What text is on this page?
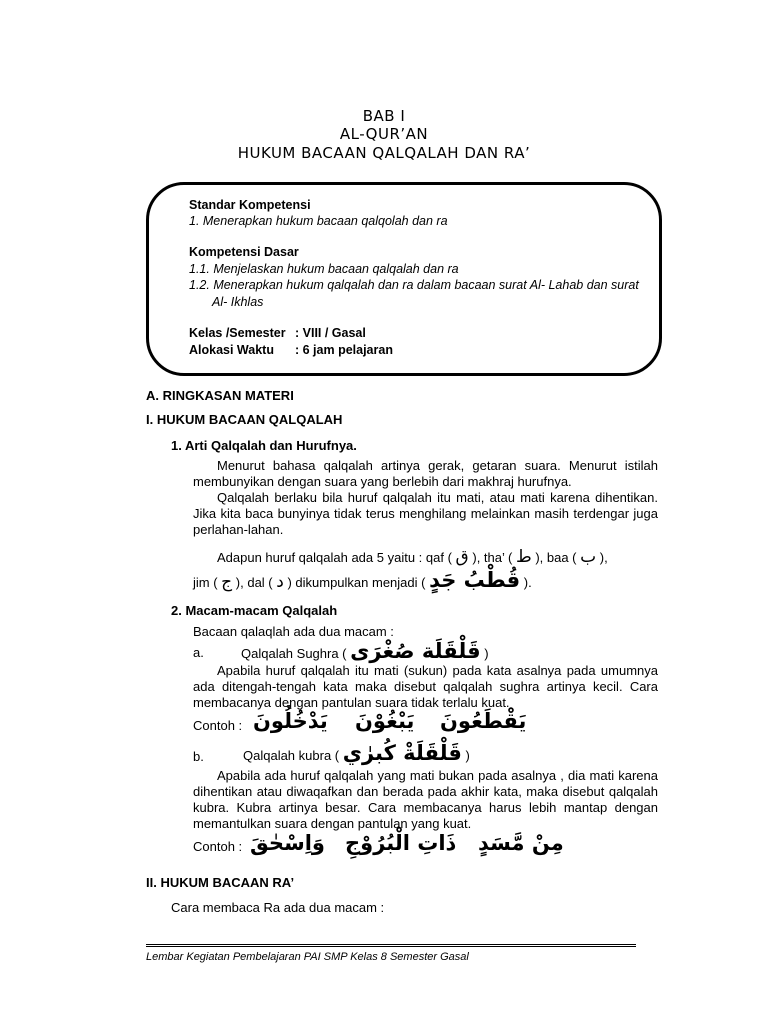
BAB I
AL-QUR’AN
HUKUM BACAAN QALQALAH DAN RA’
Standar Kompetensi
1. Menerapkan hukum bacaan qalqolah dan ra
Kompetensi Dasar
1.1. Menjelaskan hukum bacaan qalqalah dan ra
1.2. Menerapkan hukum qalqalah dan ra dalam bacaan surat Al- Lahab dan surat
Al- Ikhlas
Kelas /Semester : VIII / Gasal
Alokasi Waktu : 6 jam pelajaran
A. RINGKASAN MATERI
I. HUKUM BACAAN QALQALAH
1. Arti Qalqalah dan Hurufnya.
Menurut bahasa qalqalah artinya gerak, getaran suara. Menurut istilah membunyikan dengan suara yang berlebih dari makhraj hurufnya.
Qalqalah berlaku bila huruf qalqalah itu mati, atau mati karena dihentikan. Jika kita baca bunyinya tidak terus menghilang melainkan masih terdengar juga perlahan-lahan.
Adapun huruf qalqalah ada 5 yaitu : qaf ( ق ), tha’ ( ط ), baa ( ب ),
jim ( ج ), dal ( د ) dikumpulkan menjadi ( قُطْبُ جَدٍ ).
2. Macam-macam Qalqalah
Bacaan qalaqlah ada dua macam :
a.	Qalqalah Sughra ( قَلْقَلَة صُغْرَى )
Apabila huruf qalqalah itu mati (sukun) pada kata asalnya pada umumnya ada ditengah-tengah kata maka disebut qalqalah sughra artinya kecil. Cara membacanya dengan pantulan suara tidak terlalu kuat.
Contoh : يَدْخُلُونَ يَبْغُوْنَ يَقْطَعُونَ
b.	Qalqalah kubra ( قَلْقَلَةْ كُبرٰي )
Apabila ada huruf qalqalah yang mati bukan pada asalnya , dia mati karena dihentikan atau diwaqafkan dan berada pada akhir kata, maka disebut qalqalah kubra. Kubra artinya besar. Cara membacanya harus lebih mantap dengan memantulkan suara dengan pantulan yang kuat.
Contoh : وَاِسْحٰقَ ذَاتِ الْبُرُوْجِ مِنْ مَّسَدٍ
II. HUKUM BACAAN RA’
Cara membaca Ra ada dua macam :
Lembar Kegiatan Pembelajaran PAI SMP Kelas 8 Semester Gasal
